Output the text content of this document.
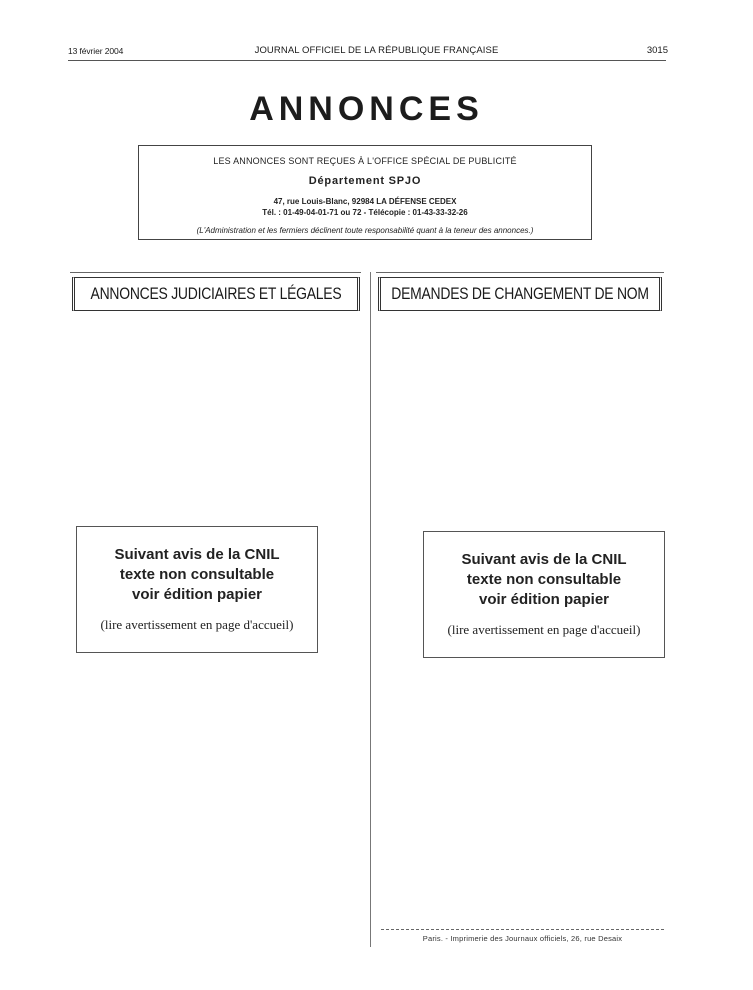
13 février 2004	JOURNAL OFFICIEL DE LA RÉPUBLIQUE FRANÇAISE	3015
ANNONCES
LES ANNONCES SONT REÇUES À L'OFFICE SPÉCIAL DE PUBLICITÉ
Département SPJO
47, rue Louis-Blanc, 92984 LA DÉFENSE CEDEX
Tél. : 01-49-04-01-71 ou 72 - Télécopie : 01-43-33-32-26
(L'Administration et les fermiers déclinent toute responsabilité quant à la teneur des annonces.)
ANNONCES JUDICIAIRES ET LÉGALES	DEMANDES DE CHANGEMENT DE NOM
Suivant avis de la CNIL
texte non consultable
voir édition papier
(lire avertissement en page d'accueil)
Suivant avis de la CNIL
texte non consultable
voir édition papier
(lire avertissement en page d'accueil)
Paris. - Imprimerie des Journaux officiels, 26, rue Desaix
